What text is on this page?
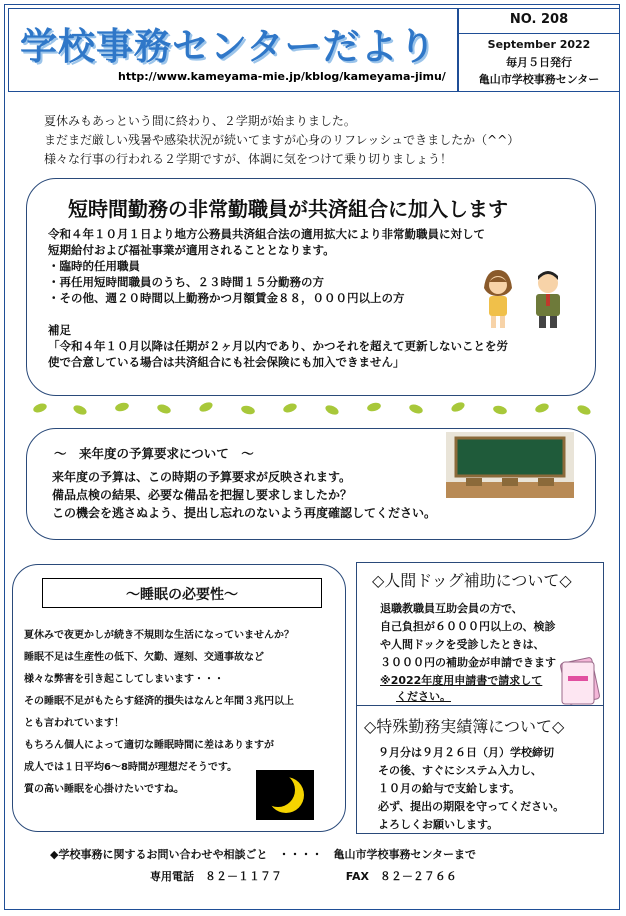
学校事務センターだより
http://www.kameyama-mie.jp/kblog/kameyama-jimu/
NO. 208
September 2022
毎月５日発行
亀山市学校事務センター
夏休みもあっという間に終わり、２学期が始まりました。
まだまだ厳しい残暑や感染状況が続いてますが心身のリフレッシュできましたか（^^）
様々な行事の行われる２学期ですが、体調に気をつけて乗り切りましょう！
短時間勤務の非常勤職員が共済組合に加入します
令和４年１０月１日より地方公務員共済組合法の適用拡大により非常勤職員に対して
短期給付および福祉事業が適用されることとなります。
・臨時的任用職員
・再任用短時間職員のうち、２３時間１５分勤務の方
・その他、週２０時間以上勤務かつ月額賃金８８，０００円以上の方
補足
「令和４年１０月以降は任期が２ヶ月以内であり、かつそれを超えて更新しないことを労
使で合意している場合は共済組合にも社会保険にも加入できません」
～　来年度の予算要求について　～
来年度の予算は、この時期の予算要求が反映されます。
備品点検の結果、必要な備品を把握し要求しましたか？
この機会を逃さぬよう、提出し忘れのないよう再度確認してください。
～睡眠の必要性～
夏休みで夜更かしが続き不規則な生活になっていませんか？
睡眠不足は生産性の低下、欠勤、遅刻、交通事故など
様々な弊害を引き起こしてしまいます・・・
その睡眠不足がもたらす経済的損失はなんと年間３兆円以上
とも言われています！
もちろん個人によって適切な睡眠時間に差はありますが
成人では１日平均6～8時間が理想だそうです。
質の高い睡眠を心掛けたいですね。
◇人間ドッグ補助について◇
退職教職員互助会員の方で、
自己負担が６０００円以上の、検診
や人間ドックを受診したときは、
３０００円の補助金が申請できます
※2022年度用申請書で請求して
ください。
◇特殊勤務実績簿について◇
９月分は９月２６日（月）学校締切
その後、すぐにシステム入力し、
１０月の給与で支給します。
必ず、提出の期限を守ってください。
よろしくお願いします。
◆学校事務に関するお問い合わせや相談ごと　・・・・　亀山市学校事務センターまで
専用電話　８２－１１７７	FAX　８２－２７６６
